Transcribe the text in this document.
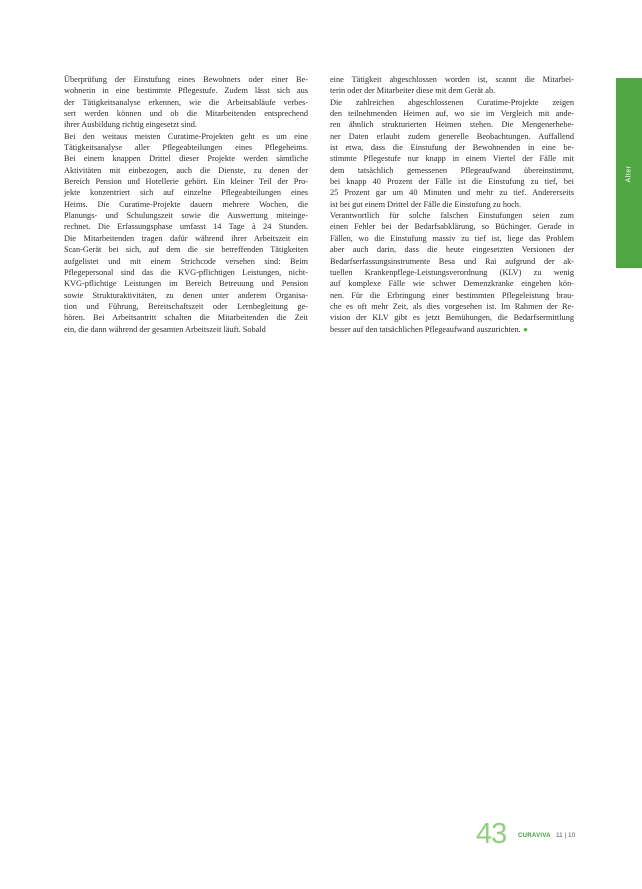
Alter

Überprüfung der Einstufung eines Bewohners oder einer Be-

wohnerin in eine bestimmte Pflegestufe. Zudem lässt sich aus

der Tätigkeitsanalyse erkennen, wie die Arbeitsabläufe verbes-

sert werden können und ob die Mitarbeitenden entsprechend

ihrer Ausbildung richtig eingesetzt sind.

Bei den weitaus meisten Curatime-Projekten geht es um eine

Tätigkeitsanalyse aller Pflegeabteilungen eines Pflegeheims.

Bei einem knappen Drittel dieser Projekte werden sämtliche

Aktivitäten mit einbezogen, auch die Dienste, zu denen der

Bereich Pension und Hotellerie gehört. Ein kleiner Teil der Pro-

jekte konzentriert sich auf einzelne Pflegeabteilungen eines

Heims. Die Curatime-Projekte dauern mehrere Wochen, die

Planungs- und Schulungszeit sowie die Auswertung miteinge-

rechnet. Die Erfassungsphase umfasst 14 Tage à 24 Stunden.

Die Mitarbeitenden tragen dafür während ihrer Arbeitszeit ein

Scan-Gerät bei sich, auf dem die sie betreffenden Tätigkeiten

aufgelistet und mit einem Strichcode versehen sind: Beim

Pflegepersonal sind das die KVG-pflichtigen Leistungen, nicht-

KVG-pflichtige Leistungen im Bereich Betreuung und Pension

sowie Strukturaktivitäten, zu denen unter anderem Organisa-

tion und Führung, Bereitschaftszeit oder Lernbegleitung ge-

hören. Bei Arbeitsantritt schalten die Mitarbeitenden die Zeit

ein, die dann während der gesamten Arbeitszeit läuft. Sobald

eine Tätigkeit abgeschlossen worden ist, scannt die Mitarbei-

terin oder der Mitarbeiter diese mit dem Gerät ab.

Die zahlreichen abgeschlossenen Curatime-Projekte zeigen

den teilnehmenden Heimen auf, wo sie im Vergleich mit ande-

ren ähnlich strukturierten Heimen stehen. Die Mengenerhebe-

ner Daten erlaubt zudem generelle Beobachtungen. Auffallend

ist etwa, dass die Einstufung der Bewohnenden in eine be-

stimmte Pflegestufe nur knapp in einem Viertel der Fälle mit

dem tatsächlich gemessenen Pflegeaufwand übereinstimmt,

bei knapp 40 Prozent der Fälle ist die Einstufung zu tief, bei

25 Prozent gar um 40 Minuten und mehr zu tief. Andererseits

ist bei gut einem Drittel der Fälle die Einstufung zu hoch.

Verantwortlich für solche falschen Einstufungen seien zum

einen Fehler bei der Bedarfsabklärung, so Büchinger. Gerade in

Fällen, wo die Einstufung massiv zu tief ist, liege das Problem

aber auch darin, dass die heute eingesetzten Versionen der

Bedarfserfassungsinstrumente Besa und Rai aufgrund der ak-

tuellen Krankenpflege-Leistungsverordnung (KLV) zu wenig

auf komplexe Fälle wie schwer Demenzkranke eingehen kön-

nen. Für die Erbringung einer bestimmten Pflegeleistung brau-

che es oft mehr Zeit, als dies vorgesehen ist. Im Rahmen der Re-

vision der KLV gibt es jetzt Bemühungen, die Bedarfsermittlung

besser auf den tatsächlichen Pflegeaufwand auszurichten. ●

43 CURAVIVA 11 | 10
